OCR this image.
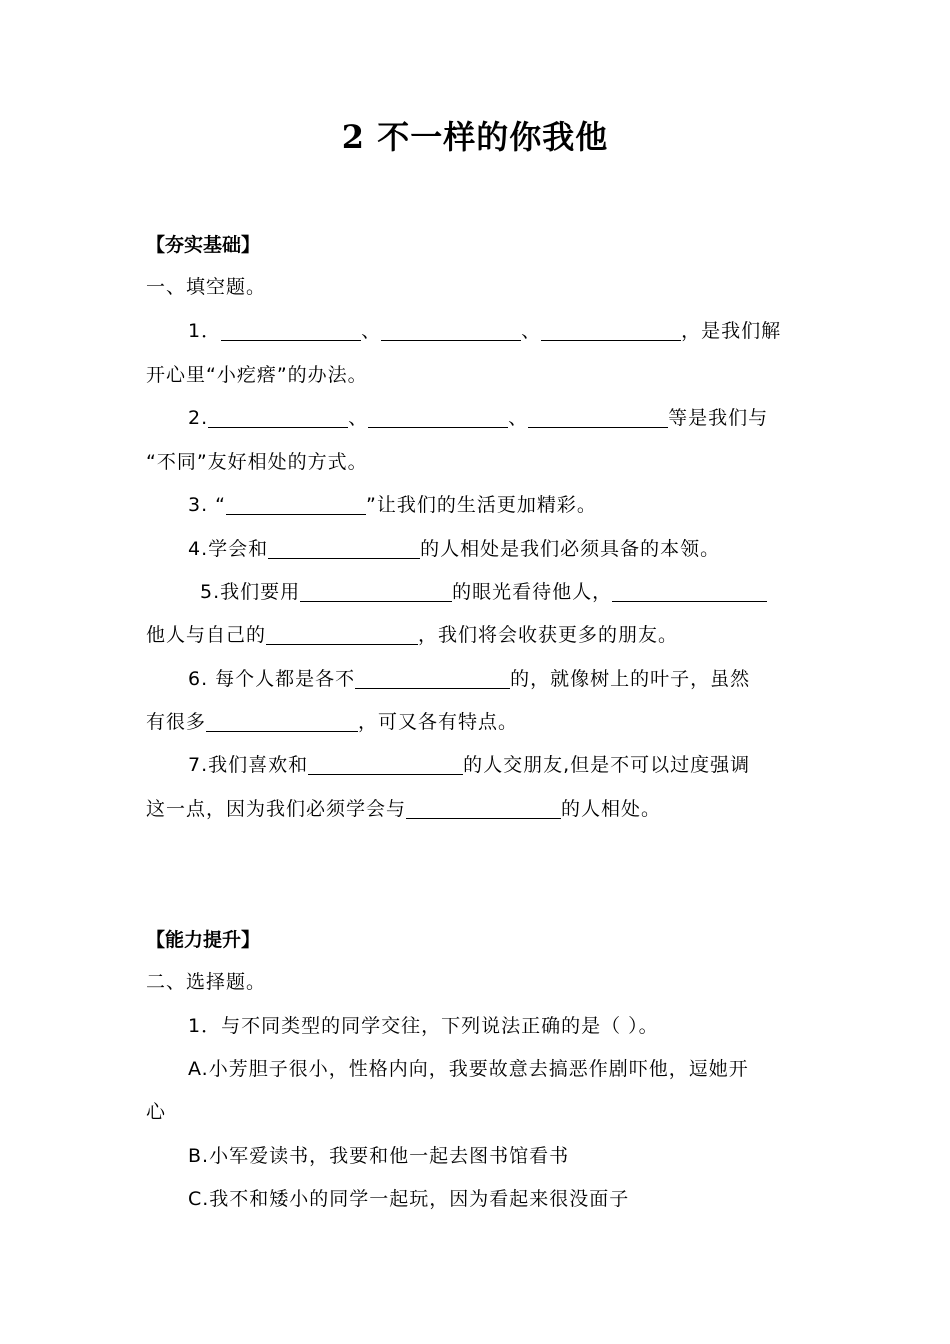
2 不一样的你我他
【夯实基础】
一、填空题。
1．	、	、	，是我们解
开心里“小疙瘩”的办法。
2.	、	、	等是我们与
“不同”友好相处的方式。
3. “	”让我们的生活更加精彩。
4.学会和	的人相处是我们必须具备的本领。
5.我们要用	的眼光看待他人，
他人与自己的	，我们将会收获更多的朋友。
6. 每个人都是各不	的，就像树上的叶子，虽然
有很多	，可又各有特点。
7.我们喜欢和	的人交朋友,但是不可以过度强调
这一点，因为我们必须学会与	的人相处。
【能力提升】
二、选择题。
1．与不同类型的同学交往，下列说法正确的是（ ）。
A.小芳胆子很小，性格内向，我要故意去搞恶作剧吓他，逗她开
心
B.小军爱读书，我要和他一起去图书馆看书
C.我不和矮小的同学一起玩，因为看起来很没面子
